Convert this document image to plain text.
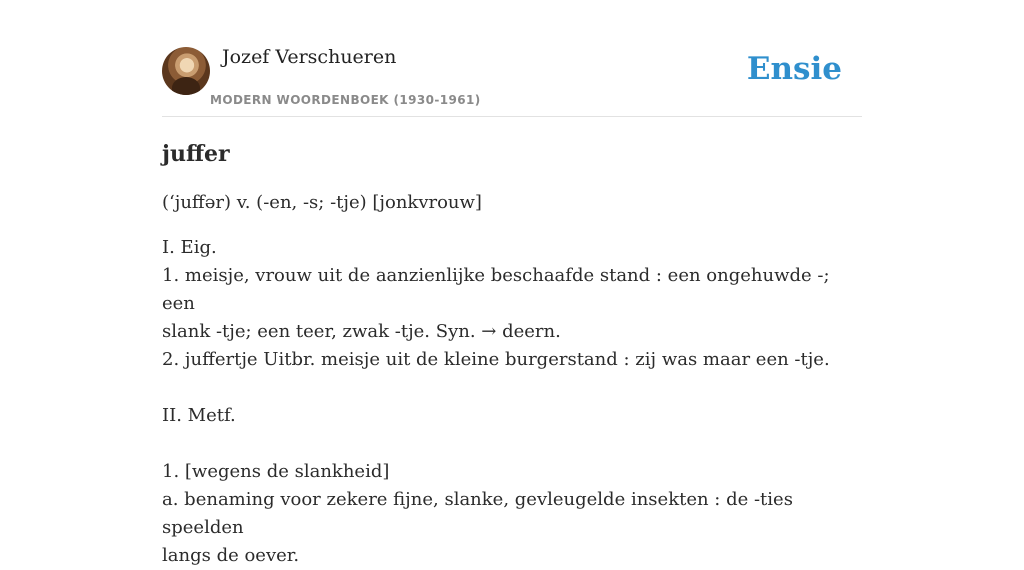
Jozef Verschueren
MODERN WOORDENBOEK (1930-1961)
Ensie
juffer

(ʻjuffər) v. (-en, -s; -tje) [jonkvrouw]

I. Eig.
1. meisje, vrouw uit de aanzienlijke beschaafde stand : een ongehuwde -; een
slank -tje; een teer, zwak -tje. Syn. → deern.
2. juffertje Uitbr. meisje uit de kleine burgerstand : zij was maar een -tje.
II. Metf.
1. [wegens de slankheid]
a. benaming voor zekere fijne, slanke, gevleugelde insekten : de -ties speelden
langs de oever.
